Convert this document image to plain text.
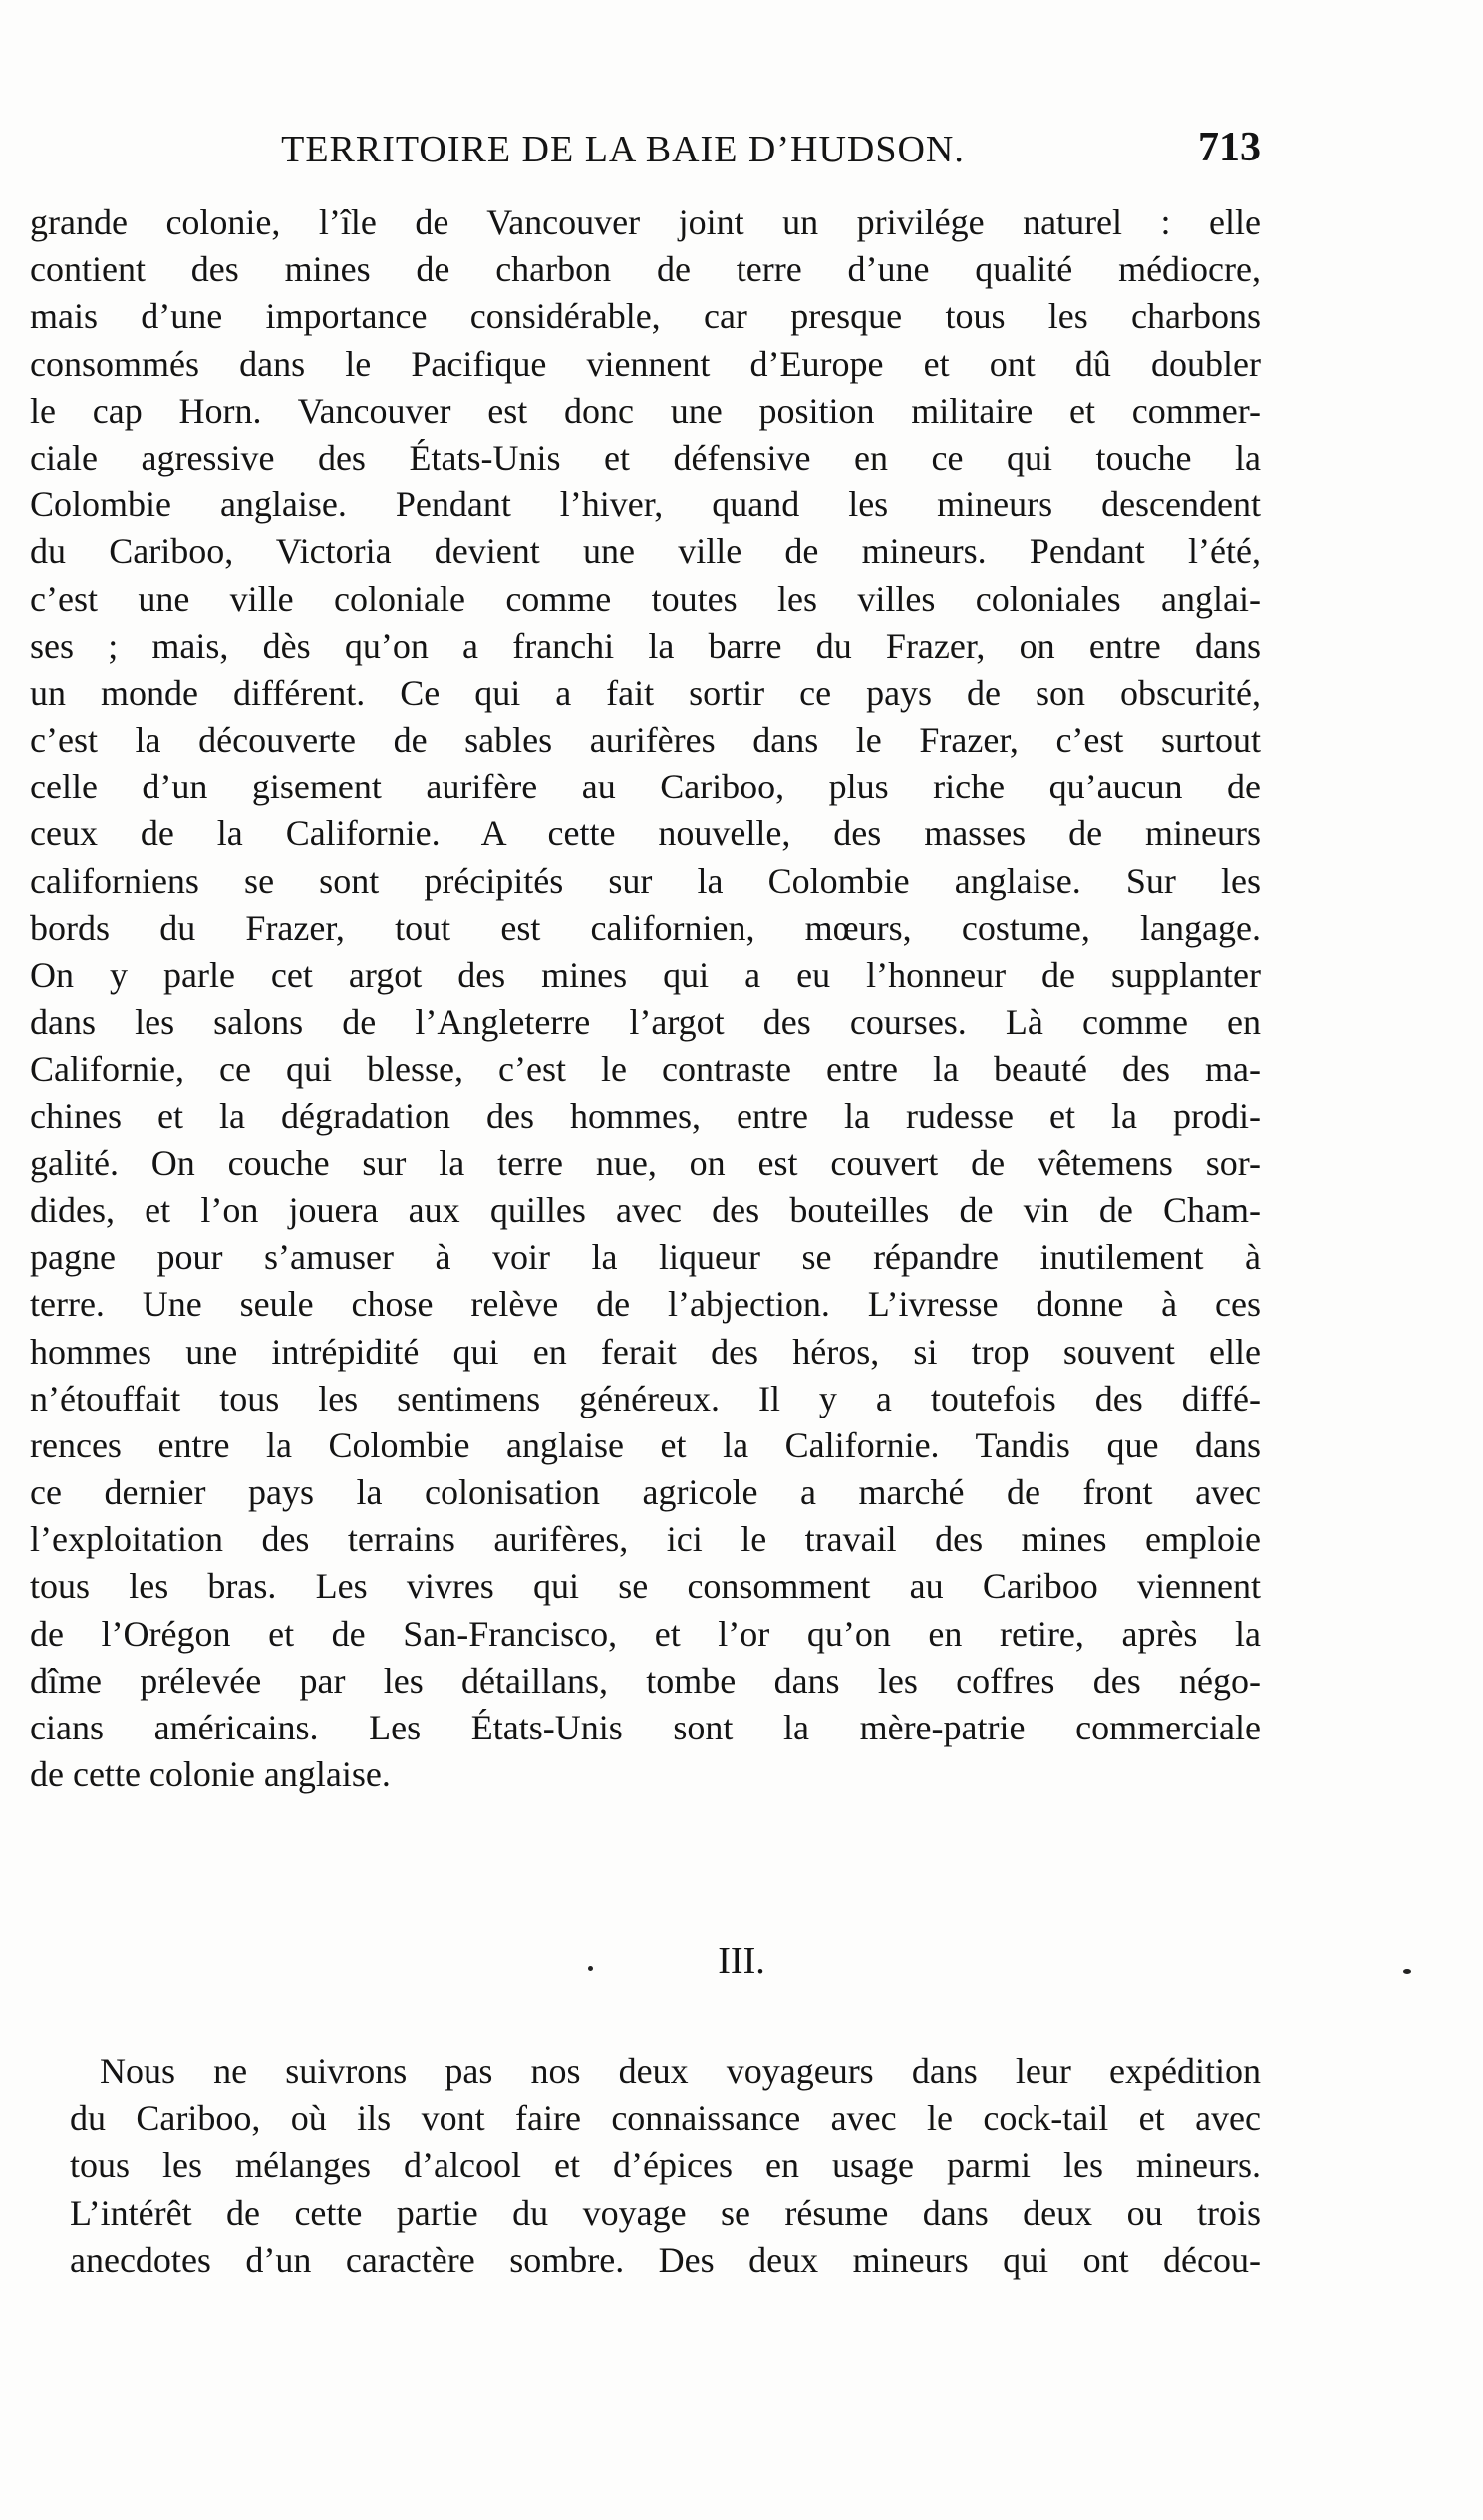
TERRITOIRE DE LA BAIE D’HUDSON.	713
grande colonie, l’île de Vancouver joint un privilége naturel : elle
contient des mines de charbon de terre d’une qualité médiocre,
mais d’une importance considérable, car presque tous les charbons
consommés dans le Pacifique viennent d’Europe et ont dû doubler
le cap Horn. Vancouver est donc une position militaire et commer-
ciale agressive des États-Unis et défensive en ce qui touche la
Colombie anglaise. Pendant l’hiver, quand les mineurs descendent
du Cariboo, Victoria devient une ville de mineurs. Pendant l’été,
c’est une ville coloniale comme toutes les villes coloniales anglai-
ses ; mais, dès qu’on a franchi la barre du Frazer, on entre dans
un monde différent. Ce qui a fait sortir ce pays de son obscurité,
c’est la découverte de sables aurifères dans le Frazer, c’est surtout
celle d’un gisement aurifère au Cariboo, plus riche qu’aucun de
ceux de la Californie. A cette nouvelle, des masses de mineurs
californiens se sont précipités sur la Colombie anglaise. Sur les
bords du Frazer, tout est californien, mœurs, costume, langage.
On y parle cet argot des mines qui a eu l’honneur de supplanter
dans les salons de l’Angleterre l’argot des courses. Là comme en
Californie, ce qui blesse, c’est le contraste entre la beauté des ma-
chines et la dégradation des hommes, entre la rudesse et la prodi-
galité. On couche sur la terre nue, on est couvert de vêtemens sor-
dides, et l’on jouera aux quilles avec des bouteilles de vin de Cham-
pagne pour s’amuser à voir la liqueur se répandre inutilement à
terre. Une seule chose relève de l’abjection. L’ivresse donne à ces
hommes une intrépidité qui en ferait des héros, si trop souvent elle
n’étouffait tous les sentimens généreux. Il y a toutefois des diffé-
rences entre la Colombie anglaise et la Californie. Tandis que dans
ce dernier pays la colonisation agricole a marché de front avec
l’exploitation des terrains aurifères, ici le travail des mines emploie
tous les bras. Les vivres qui se consomment au Cariboo viennent
de l’Orégon et de San-Francisco, et l’or qu’on en retire, après la
dîme prélevée par les détaillans, tombe dans les coffres des négo-
cians américains. Les États-Unis sont la mère-patrie commerciale
de cette colonie anglaise.
III.
Nous ne suivrons pas nos deux voyageurs dans leur expédition
du Cariboo, où ils vont faire connaissance avec le cock-tail et avec
tous les mélanges d’alcool et d’épices en usage parmi les mineurs.
L’intérêt de cette partie du voyage se résume dans deux ou trois
anecdotes d’un caractère sombre. Des deux mineurs qui ont décou-
